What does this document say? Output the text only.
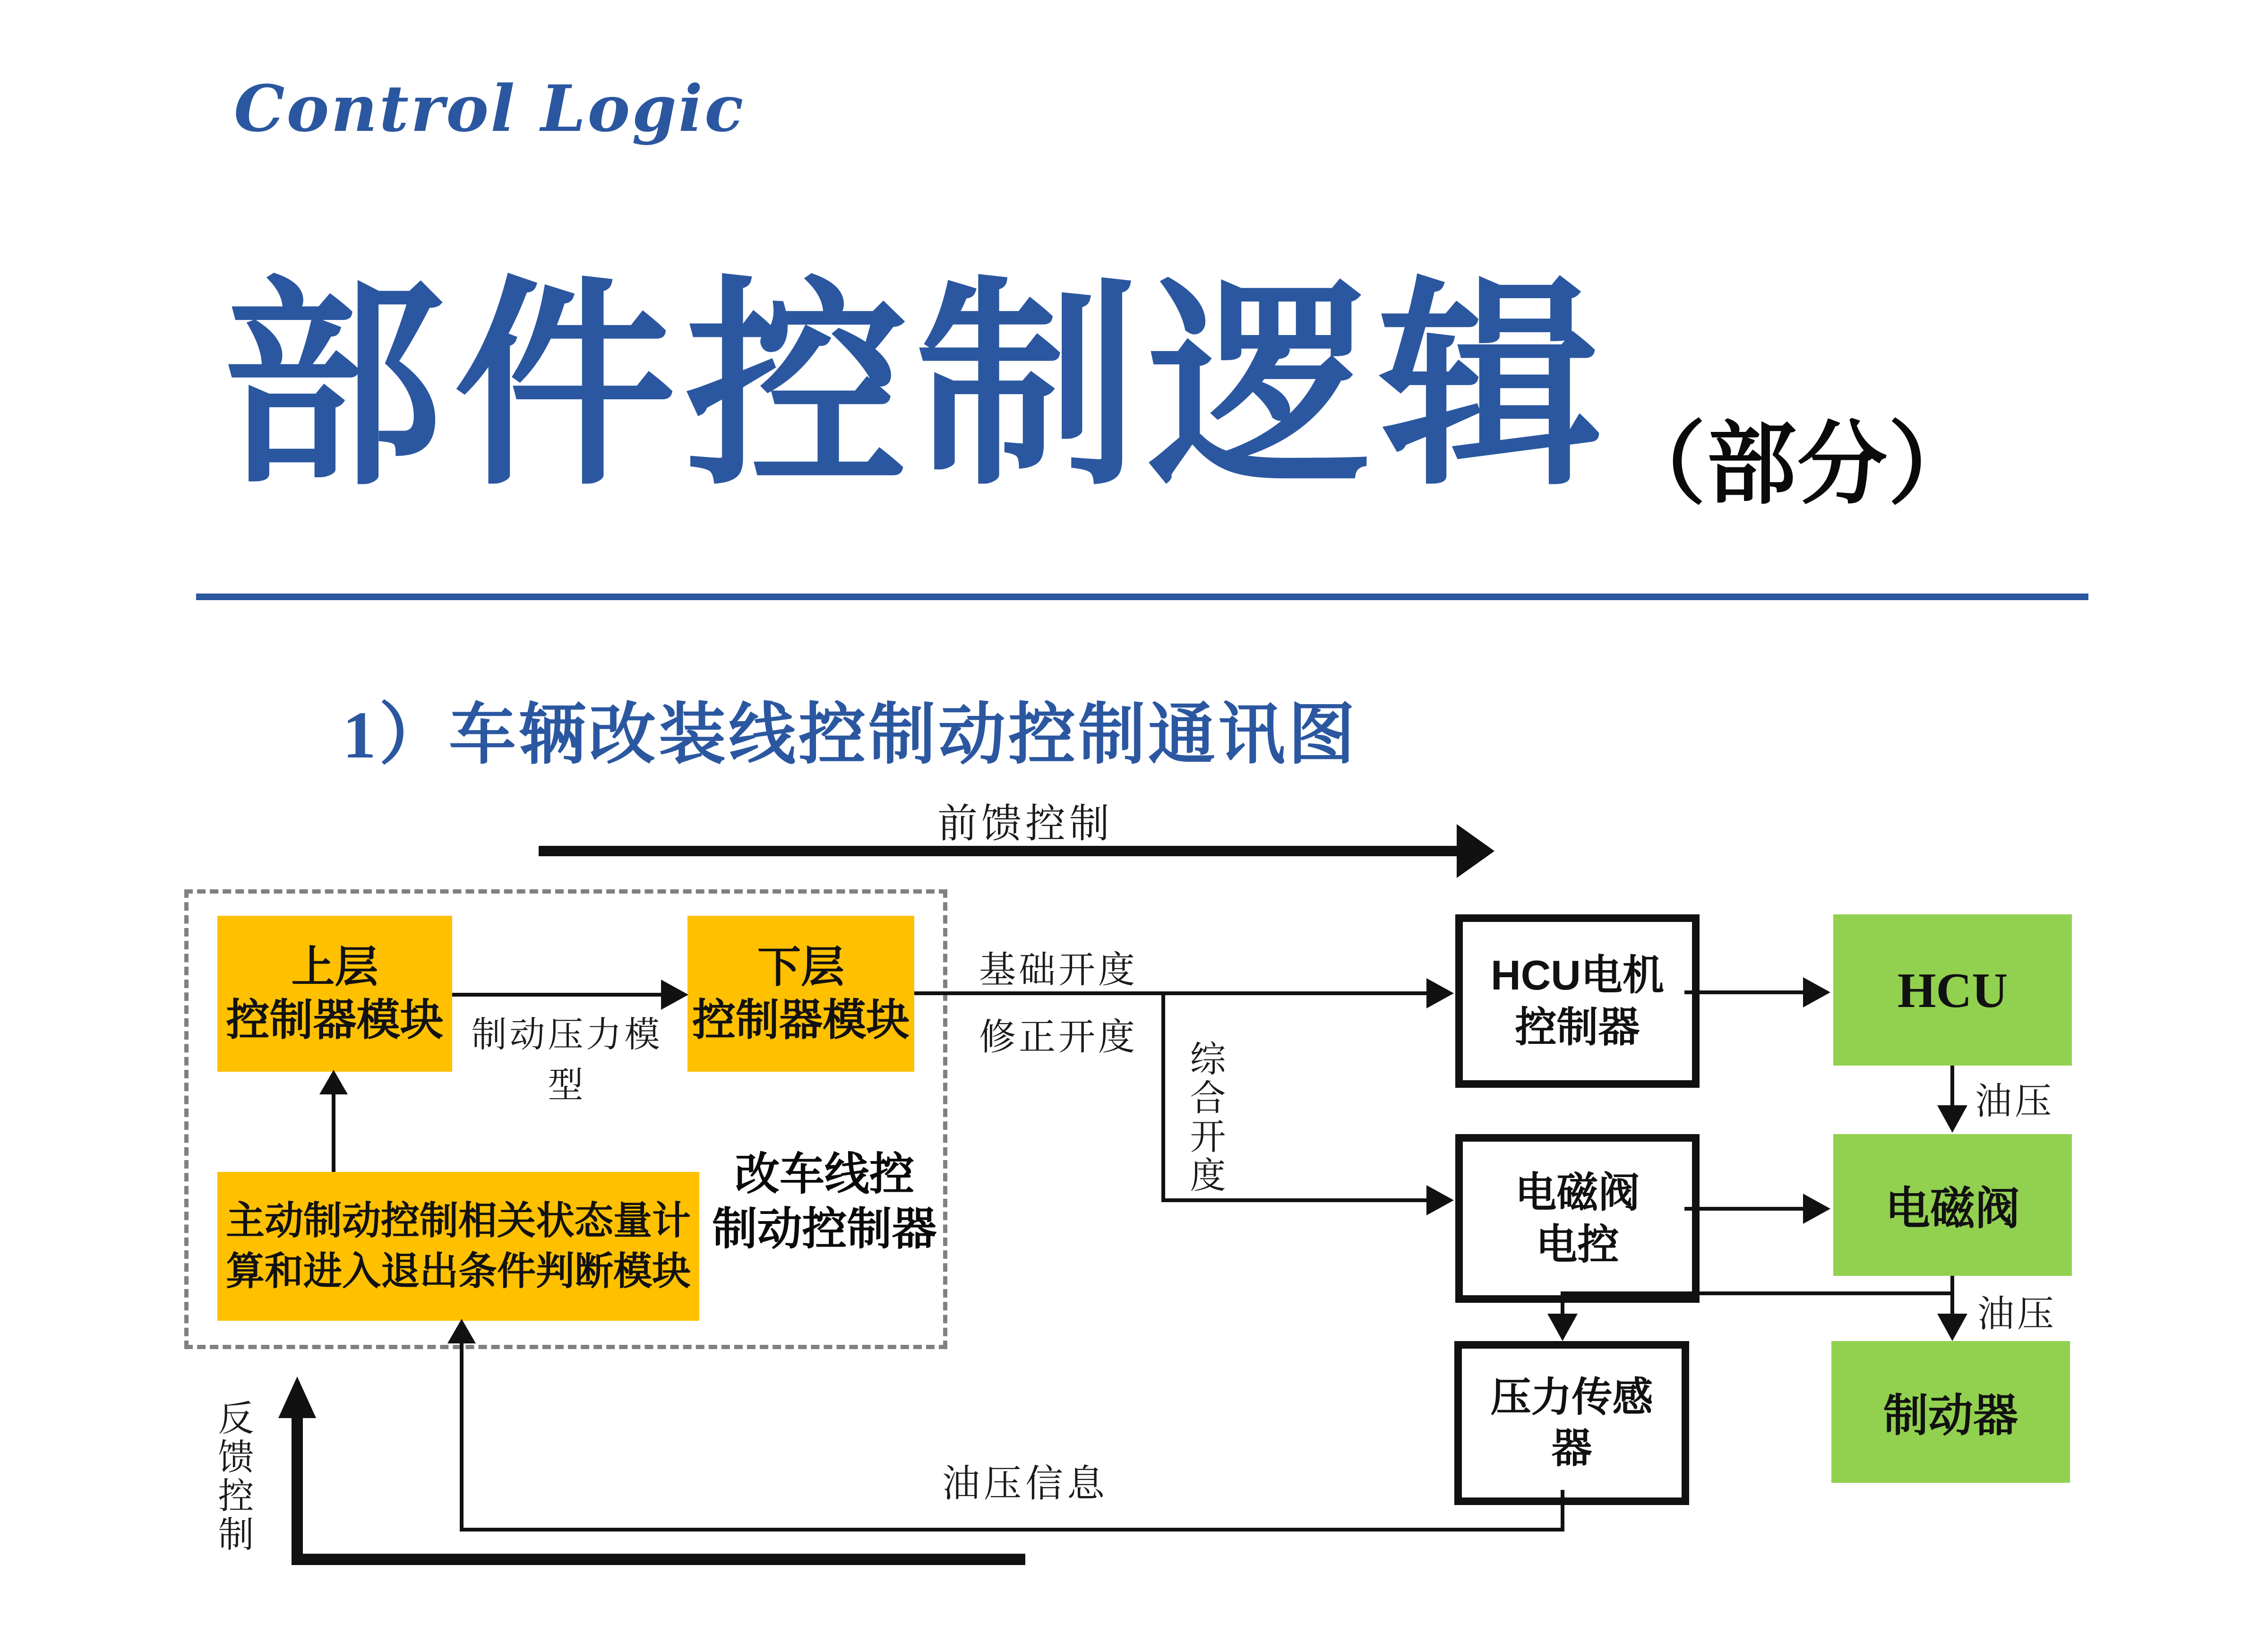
Control Logic
部件控制逻辑 （部分）
1）车辆改装线控制动控制通讯图
前馈控制
改车线控
制动控制器
上层
控制器模块
下层
控制器模块
制动压力模型
主动制动控制相关状态量计
算和进入退出条件判断模块
基础开度
修正开度
综合开度
HCU电机
控制器
HCU
油压
电磁阀
电控
电磁阀
油压
压力传感
器
制动器
油压信息
反馈控制
